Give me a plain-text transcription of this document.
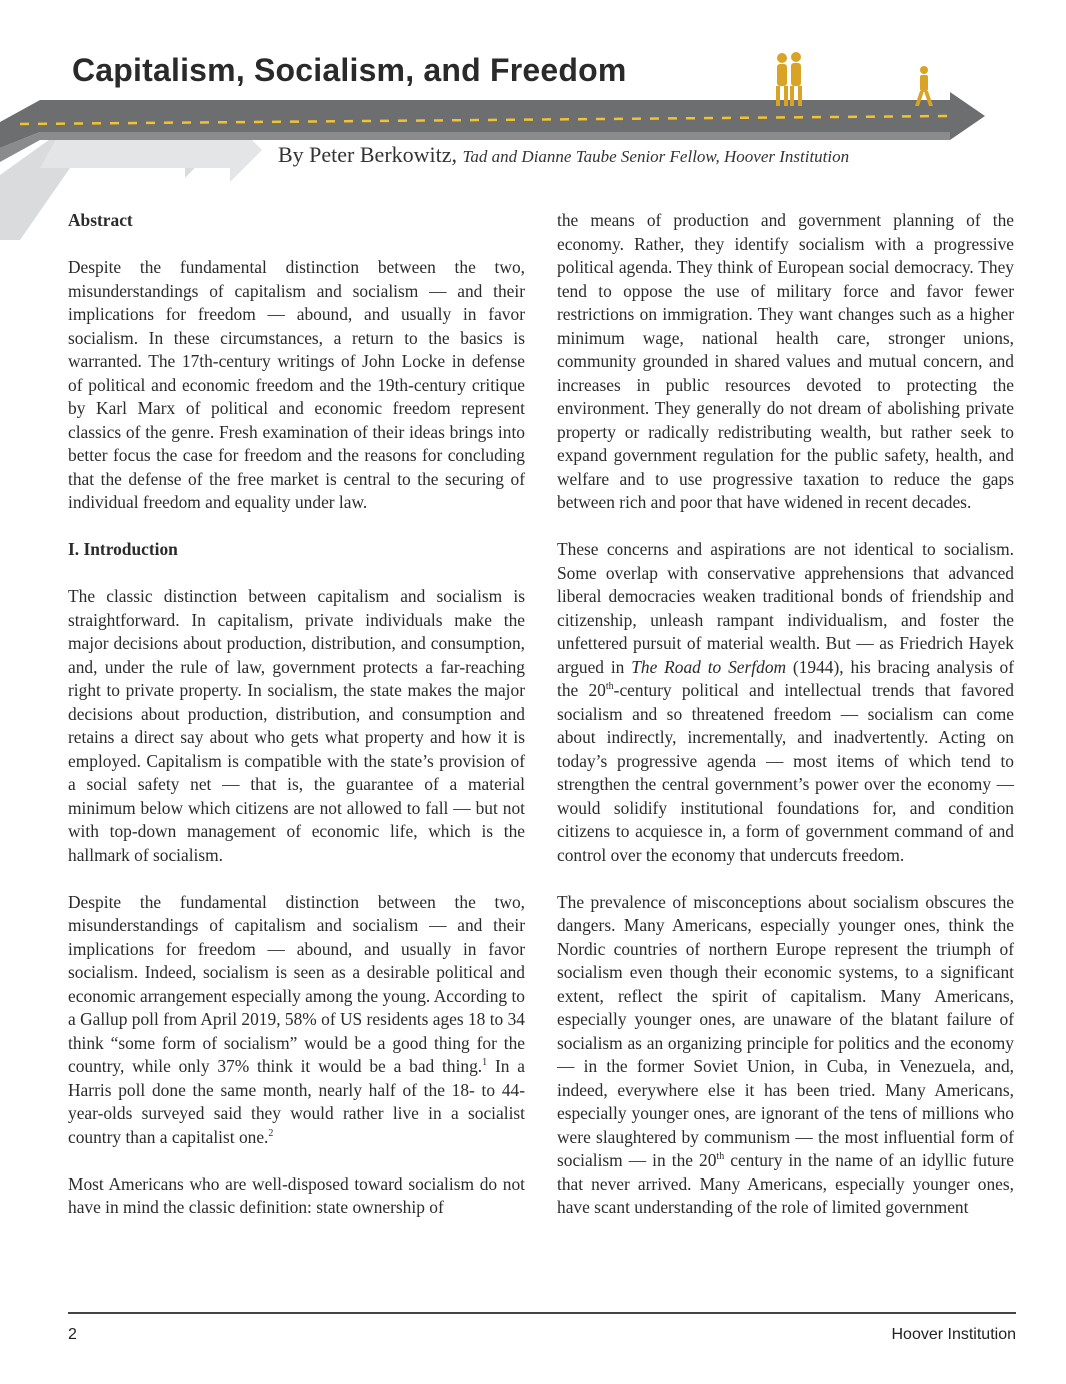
Capitalism, Socialism, and Freedom
By Peter Berkowitz, Tad and Dianne Taube Senior Fellow, Hoover Institution
Abstract

Despite the fundamental distinction between the two, misunderstandings of capitalism and socialism — and their implications for freedom — abound, and usually in favor socialism. In these circumstances, a return to the basics is warranted. The 17th-century writings of John Locke in defense of political and economic freedom and the 19th-century critique by Karl Marx of political and economic freedom represent classics of the genre. Fresh examination of their ideas brings into better focus the case for freedom and the reasons for concluding that the defense of the free market is central to the securing of individual freedom and equality under law.

I. Introduction

The classic distinction between capitalism and socialism is straightforward. In capitalism, private individuals make the major decisions about production, distribution, and consumption, and, under the rule of law, government protects a far-reaching right to private property. In socialism, the state makes the major decisions about production, distribution, and consumption and retains a direct say about who gets what property and how it is employed. Capitalism is compatible with the state’s provision of a social safety net — that is, the guarantee of a material minimum below which citizens are not allowed to fall — but not with top-down management of economic life, which is the hallmark of socialism.

Despite the fundamental distinction between the two, misunderstandings of capitalism and socialism — and their implications for freedom — abound, and usually in favor socialism. Indeed, socialism is seen as a desirable political and economic arrangement especially among the young. According to a Gallup poll from April 2019, 58% of US residents ages 18 to 34 think “some form of socialism” would be a good thing for the country, while only 37% think it would be a bad thing.$^1$ In a Harris poll done the same month, nearly half of the 18- to 44-year-olds surveyed said they would rather live in a socialist country than a capitalist one.$^2$

Most Americans who are well-disposed toward socialism do not have in mind the classic definition: state ownership of

the means of production and government planning of the economy. Rather, they identify socialism with a progressive political agenda. They think of European social democracy. They tend to oppose the use of military force and favor fewer restrictions on immigration. They want changes such as a higher minimum wage, national health care, stronger unions, community grounded in shared values and mutual concern, and increases in public resources devoted to protecting the environment. They generally do not dream of abolishing private property or radically redistributing wealth, but rather seek to expand government regulation for the public safety, health, and welfare and to use progressive taxation to reduce the gaps between rich and poor that have widened in recent decades.

These concerns and aspirations are not identical to socialism. Some overlap with conservative apprehensions that advanced liberal democracies weaken traditional bonds of friendship and citizenship, unleash rampant individualism, and foster the unfettered pursuit of material wealth. But — as Friedrich Hayek argued in The Road to Serfdom (1944), his bracing analysis of the 20th-century political and intellectual trends that favored socialism and so threatened freedom — socialism can come about indirectly, incrementally, and inadvertently. Acting on today’s progressive agenda — most items of which tend to strengthen the central government’s power over the economy — would solidify institutional foundations for, and condition citizens to acquiesce in, a form of government command of and control over the economy that undercuts freedom.

The prevalence of misconceptions about socialism obscures the dangers. Many Americans, especially younger ones, think the Nordic countries of northern Europe represent the triumph of socialism even though their economic systems, to a significant extent, reflect the spirit of capitalism. Many Americans, especially younger ones, are unaware of the blatant failure of socialism as an organizing principle for politics and the economy — in the former Soviet Union, in Cuba, in Venezuela, and, indeed, everywhere else it has been tried. Many Americans, especially younger ones, are ignorant of the tens of millions who were slaughtered by communism — the most influential form of socialism — in the 20th century in the name of an idyllic future that never arrived. Many Americans, especially younger ones, have scant understanding of the role of limited government

2	Hoover Institution
